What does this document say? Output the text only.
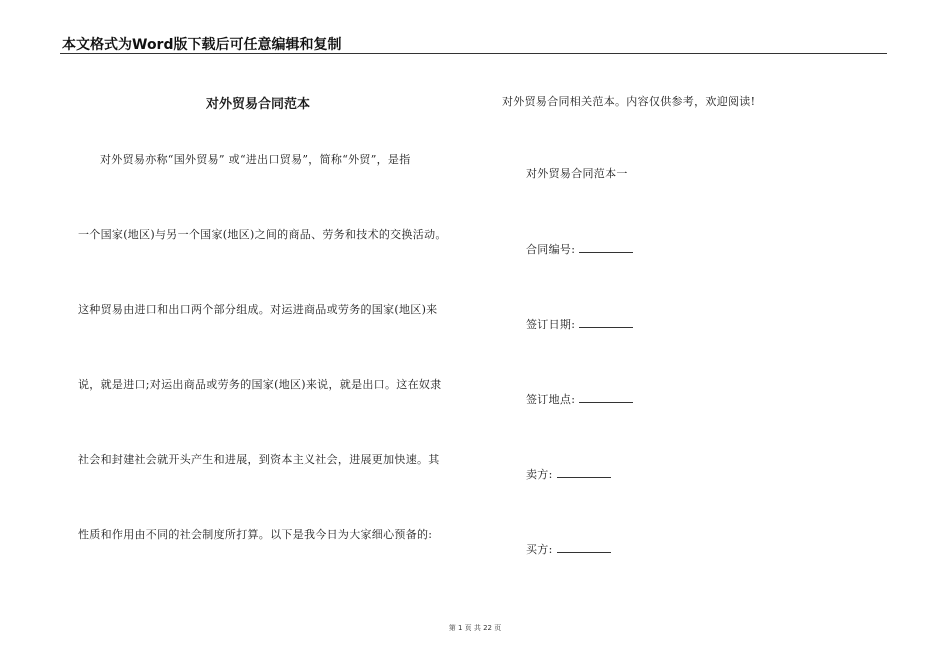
本文格式为Word版下载后可任意编辑和复制
对外贸易合同范本
对外贸易亦称“国外贸易” 或“进出口贸易”，简称“外贸”，是指
一个国家(地区)与另一个国家(地区)之间的商品、劳务和技术的交换活动。
这种贸易由进口和出口两个部分组成。对运进商品或劳务的国家(地区)来
说，就是进口;对运出商品或劳务的国家(地区)来说，就是出口。这在奴隶
社会和封建社会就开头产生和进展，到资本主义社会，进展更加快速。其
性质和作用由不同的社会制度所打算。以下是我今日为大家细心预备的:
对外贸易合同相关范本。内容仅供参考，欢迎阅读!
对外贸易合同范本一
合同编号:
签订日期:
签订地点:
卖方:
买方:
第 1 页 共 22 页
